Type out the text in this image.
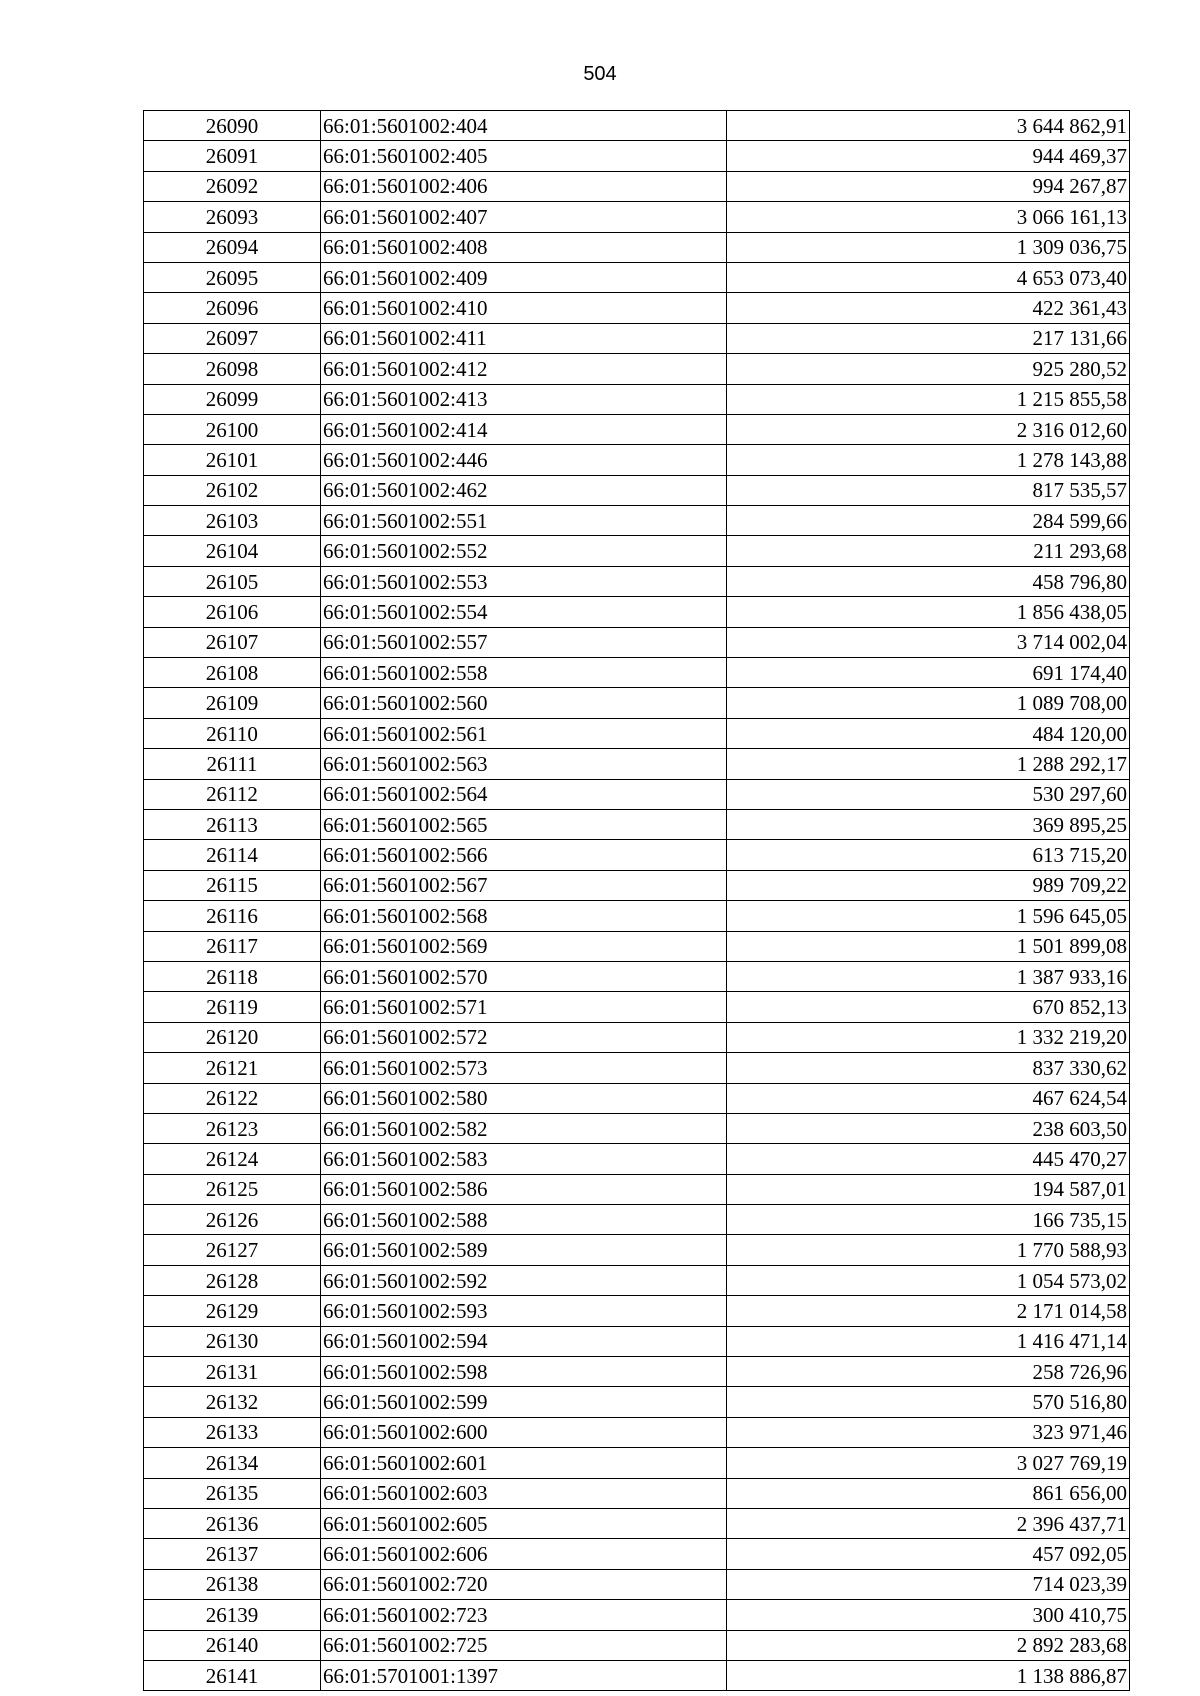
504
26090	66:01:5601002:404	3 644 862,91
26091	66:01:5601002:405	944 469,37
26092	66:01:5601002:406	994 267,87
26093	66:01:5601002:407	3 066 161,13
26094	66:01:5601002:408	1 309 036,75
26095	66:01:5601002:409	4 653 073,40
26096	66:01:5601002:410	422 361,43
26097	66:01:5601002:411	217 131,66
26098	66:01:5601002:412	925 280,52
26099	66:01:5601002:413	1 215 855,58
26100	66:01:5601002:414	2 316 012,60
26101	66:01:5601002:446	1 278 143,88
26102	66:01:5601002:462	817 535,57
26103	66:01:5601002:551	284 599,66
26104	66:01:5601002:552	211 293,68
26105	66:01:5601002:553	458 796,80
26106	66:01:5601002:554	1 856 438,05
26107	66:01:5601002:557	3 714 002,04
26108	66:01:5601002:558	691 174,40
26109	66:01:5601002:560	1 089 708,00
26110	66:01:5601002:561	484 120,00
26111	66:01:5601002:563	1 288 292,17
26112	66:01:5601002:564	530 297,60
26113	66:01:5601002:565	369 895,25
26114	66:01:5601002:566	613 715,20
26115	66:01:5601002:567	989 709,22
26116	66:01:5601002:568	1 596 645,05
26117	66:01:5601002:569	1 501 899,08
26118	66:01:5601002:570	1 387 933,16
26119	66:01:5601002:571	670 852,13
26120	66:01:5601002:572	1 332 219,20
26121	66:01:5601002:573	837 330,62
26122	66:01:5601002:580	467 624,54
26123	66:01:5601002:582	238 603,50
26124	66:01:5601002:583	445 470,27
26125	66:01:5601002:586	194 587,01
26126	66:01:5601002:588	166 735,15
26127	66:01:5601002:589	1 770 588,93
26128	66:01:5601002:592	1 054 573,02
26129	66:01:5601002:593	2 171 014,58
26130	66:01:5601002:594	1 416 471,14
26131	66:01:5601002:598	258 726,96
26132	66:01:5601002:599	570 516,80
26133	66:01:5601002:600	323 971,46
26134	66:01:5601002:601	3 027 769,19
26135	66:01:5601002:603	861 656,00
26136	66:01:5601002:605	2 396 437,71
26137	66:01:5601002:606	457 092,05
26138	66:01:5601002:720	714 023,39
26139	66:01:5601002:723	300 410,75
26140	66:01:5601002:725	2 892 283,68
26141	66:01:5701001:1397	1 138 886,87
